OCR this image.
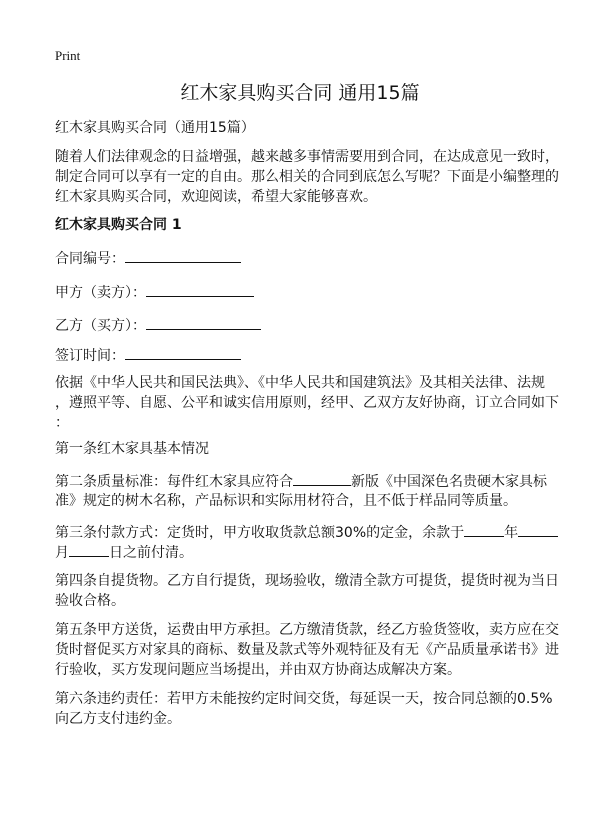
Print
红木家具购买合同 通用15篇
红木家具购买合同（通用15篇）
随着人们法律观念的日益增强，越来越多事情需要用到合同，在达成意见一致时，
制定合同可以享有一定的自由。那么相关的合同到底怎么写呢？下面是小编整理的
红木家具购买合同，欢迎阅读，希望大家能够喜欢。
红木家具购买合同 1
合同编号：
甲方（卖方）：
乙方（买方）：
签订时间：
依据《中华人民共和国民法典》、《中华人民共和国建筑法》及其相关法律、法规
，遵照平等、自愿、公平和诚实信用原则，经甲、乙双方友好协商，订立合同如下
：
第一条红木家具基本情况
第二条质量标准：每件红木家具应符合	新版《中国深色名贵硬木家具标
准》规定的树木名称，产品标识和实际用材符合，且不低于样品同等质量。
第三条付款方式：定货时，甲方收取货款总额30%的定金，余款于	年
月	日之前付清。
第四条自提货物。乙方自行提货，现场验收，缴清全款方可提货，提货时视为当日
验收合格。
第五条甲方送货，运费由甲方承担。乙方缴清货款，经乙方验货签收，卖方应在交
货时督促买方对家具的商标、数量及款式等外观特征及有无《产品质量承诺书》进
行验收，买方发现问题应当场提出，并由双方协商达成解决方案。
第六条违约责任：若甲方未能按约定时间交货，每延误一天，按合同总额的0.5%
向乙方支付违约金。
